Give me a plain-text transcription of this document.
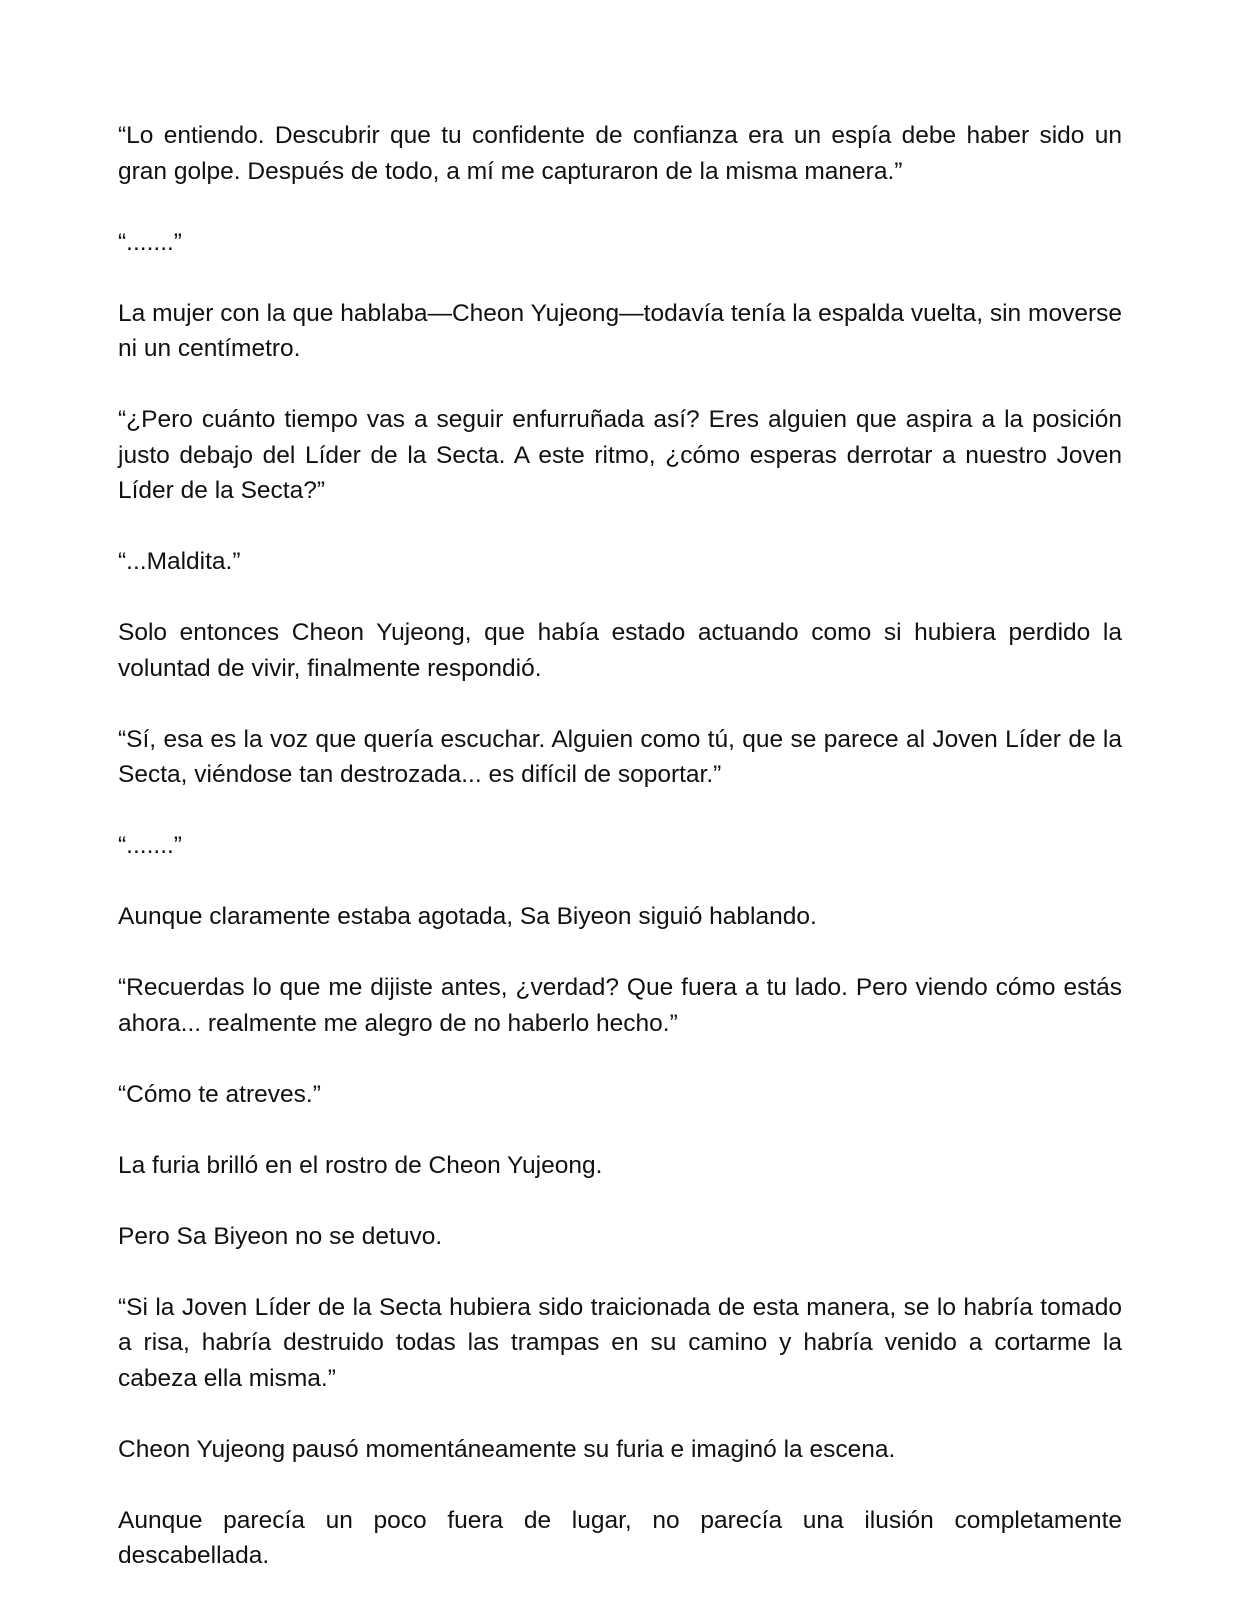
“Lo entiendo. Descubrir que tu confidente de confianza era un espía debe haber sido un gran golpe. Después de todo, a mí me capturaron de la misma manera.”

“.......”

La mujer con la que hablaba—Cheon Yujeong—todavía tenía la espalda vuelta, sin moverse ni un centímetro.

“¿Pero cuánto tiempo vas a seguir enfurruñada así? Eres alguien que aspira a la posición justo debajo del Líder de la Secta. A este ritmo, ¿cómo esperas derrotar a nuestro Joven Líder de la Secta?”

“...Maldita.”

Solo entonces Cheon Yujeong, que había estado actuando como si hubiera perdido la voluntad de vivir, finalmente respondió.

“Sí, esa es la voz que quería escuchar. Alguien como tú, que se parece al Joven Líder de la Secta, viéndose tan destrozada... es difícil de soportar.”

“.......”

Aunque claramente estaba agotada, Sa Biyeon siguió hablando.

“Recuerdas lo que me dijiste antes, ¿verdad? Que fuera a tu lado. Pero viendo cómo estás ahora... realmente me alegro de no haberlo hecho.”

“Cómo te atreves.”

La furia brilló en el rostro de Cheon Yujeong.

Pero Sa Biyeon no se detuvo.

“Si la Joven Líder de la Secta hubiera sido traicionada de esta manera, se lo habría tomado a risa, habría destruido todas las trampas en su camino y habría venido a cortarme la cabeza ella misma.”

Cheon Yujeong pausó momentáneamente su furia e imaginó la escena.

Aunque parecía un poco fuera de lugar, no parecía una ilusión completamente descabellada.
